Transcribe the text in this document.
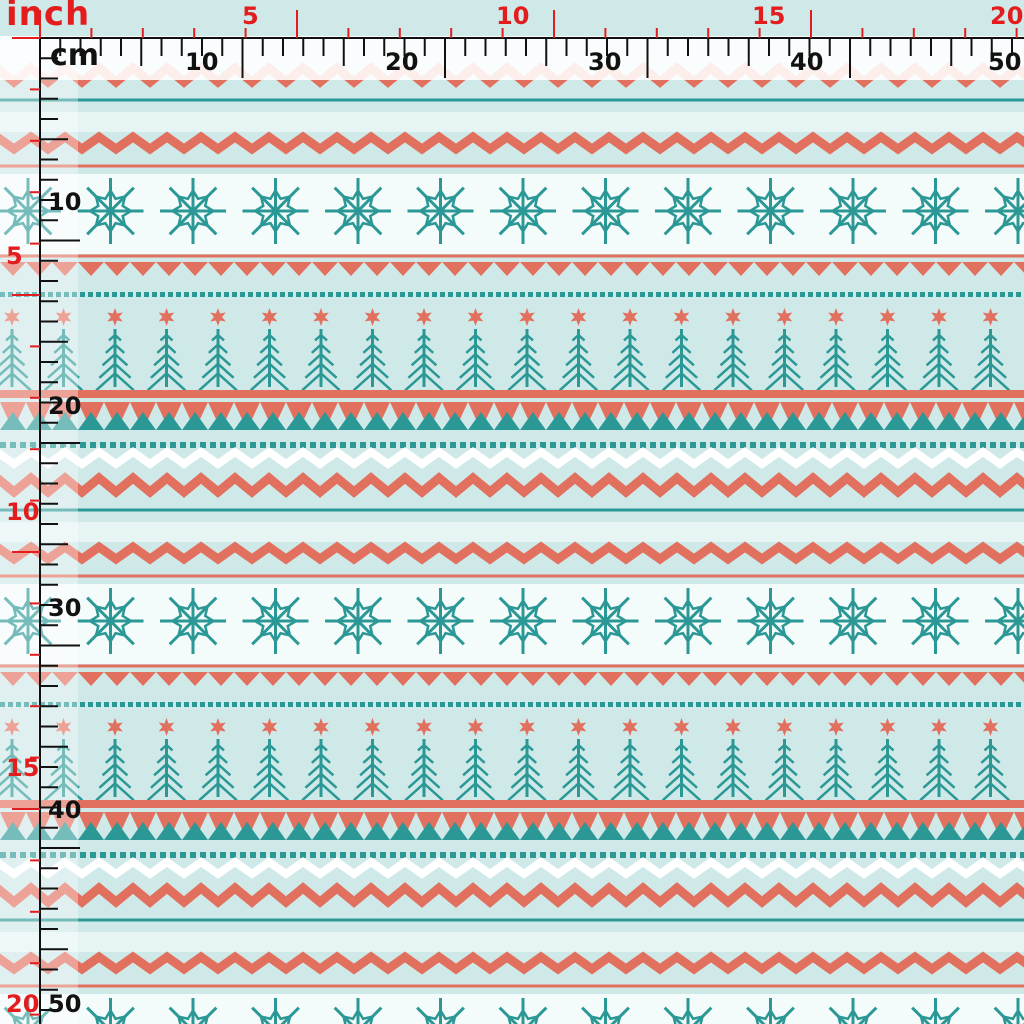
inch
cm
5	10	15	20
10	20	30	40	50
5
10
15
20
10
20
30
40
50
